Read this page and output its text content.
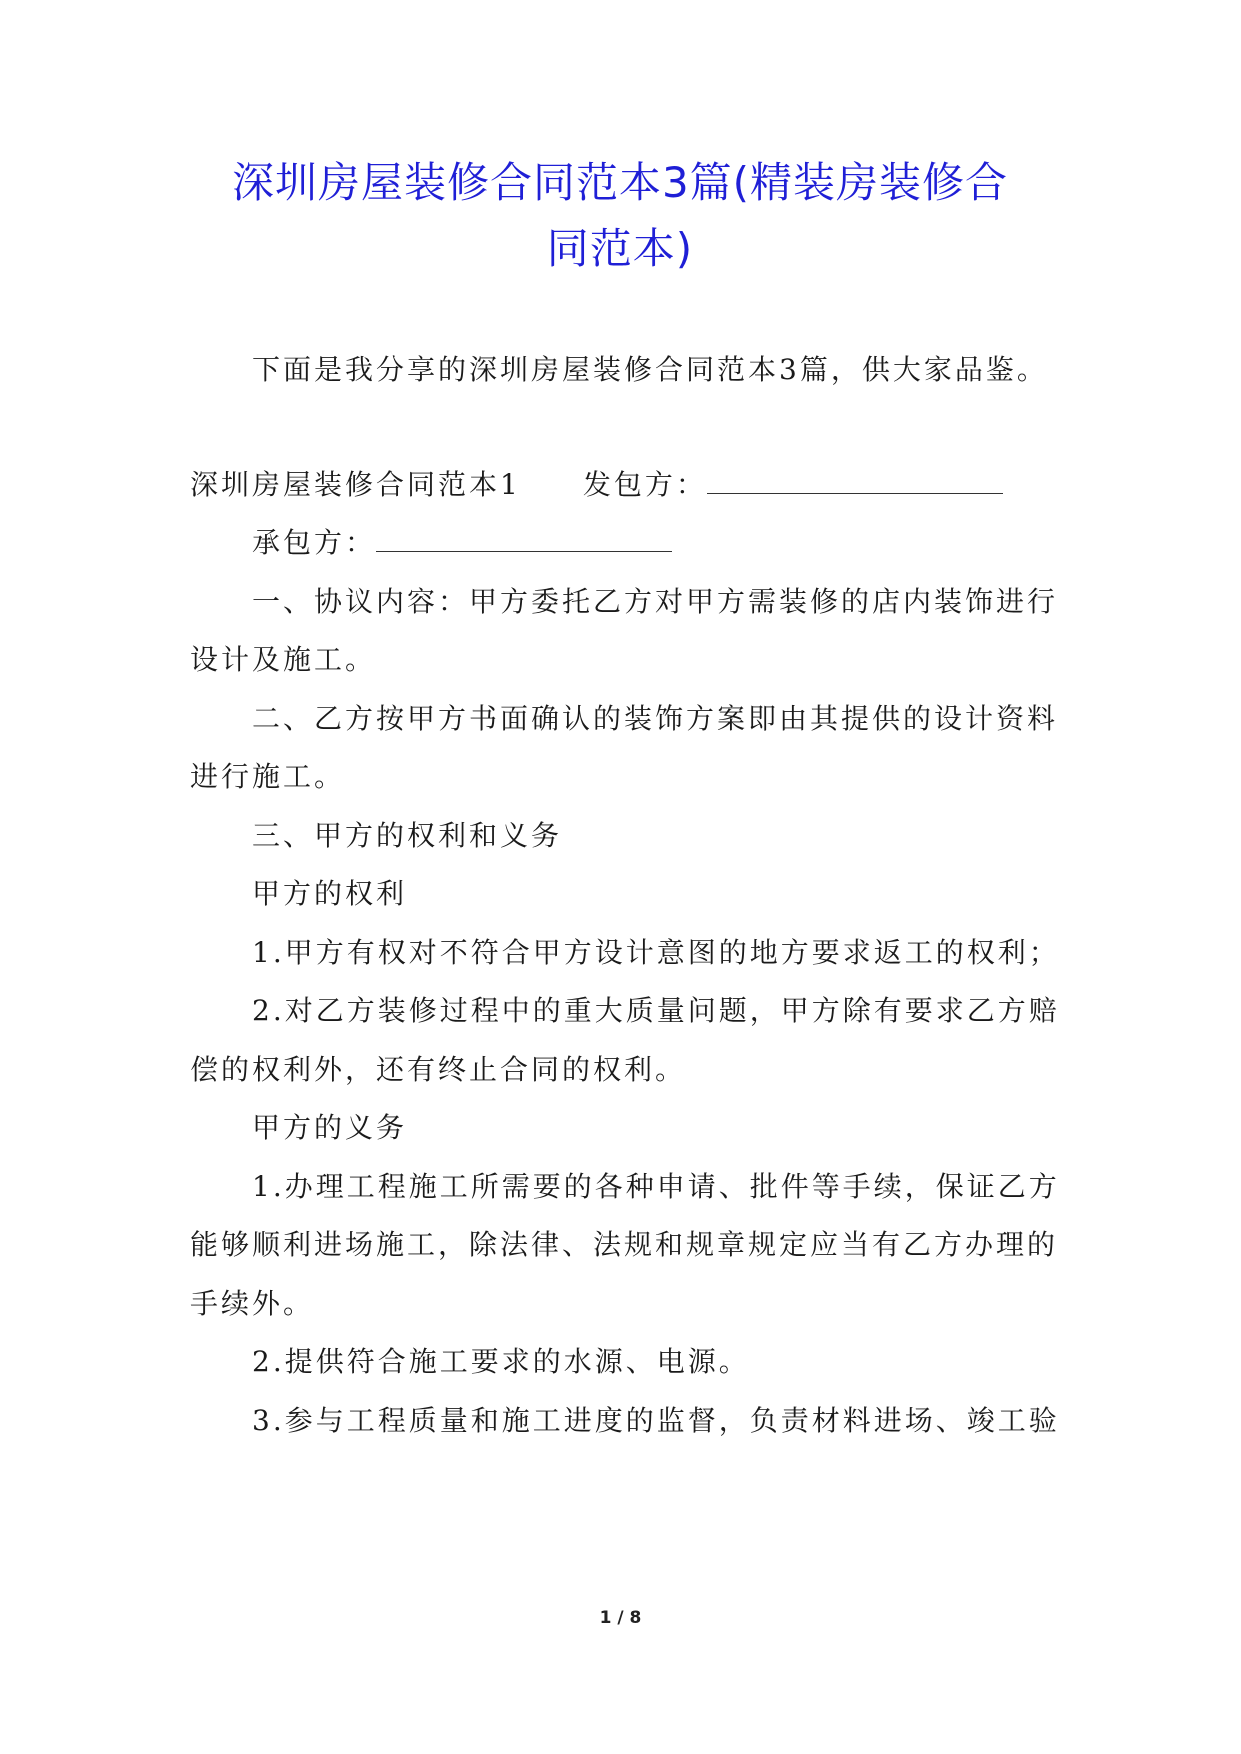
深圳房屋装修合同范本3篇(精装房装修合
同范本)
下面是我分享的深圳房屋装修合同范本3篇，供大家品鉴。
深圳房屋装修合同范本1 发包方：
承包方：
一、协议内容：甲方委托乙方对甲方需装修的店内装饰进行
设计及施工。
二、乙方按甲方书面确认的装饰方案即由其提供的设计资料
进行施工。
三、甲方的权利和义务
甲方的权利
1.甲方有权对不符合甲方设计意图的地方要求返工的权利；
2.对乙方装修过程中的重大质量问题，甲方除有要求乙方赔
偿的权利外，还有终止合同的权利。
甲方的义务
1.办理工程施工所需要的各种申请、批件等手续，保证乙方
能够顺利进场施工，除法律、法规和规章规定应当有乙方办理的
手续外。
2.提供符合施工要求的水源、电源。
3.参与工程质量和施工进度的监督，负责材料进场、竣工验
1 / 8
